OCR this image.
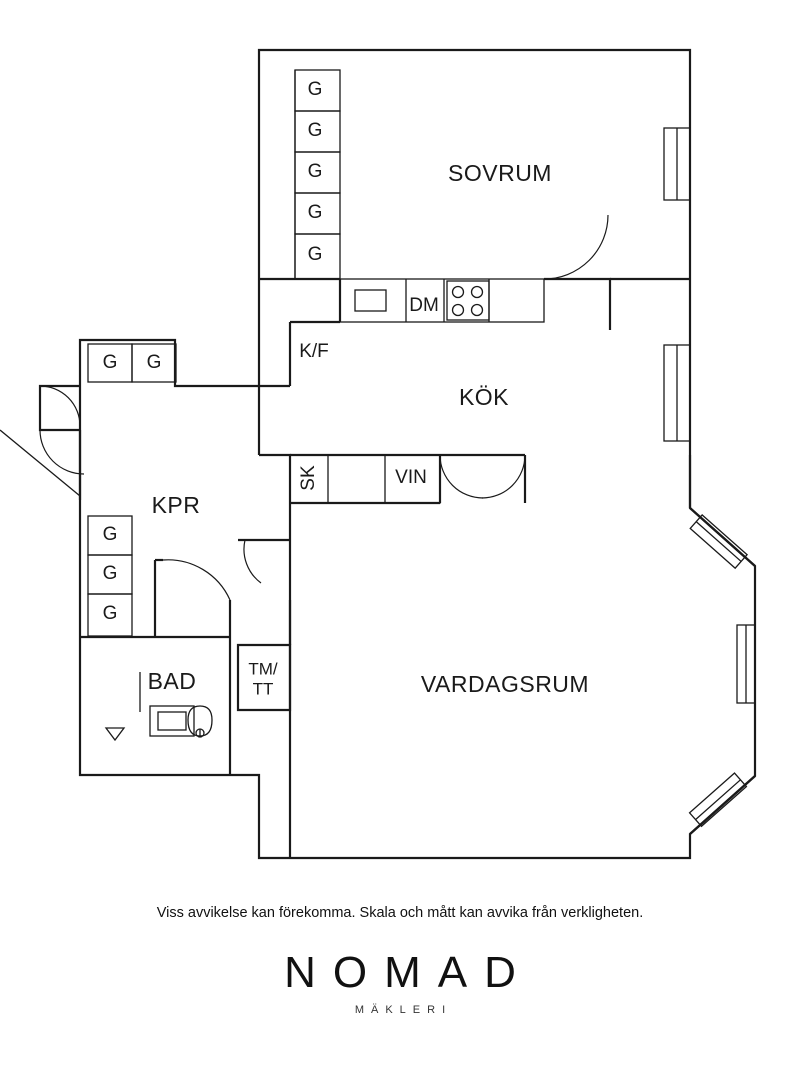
SOVRUM
KÖK
KPR
BAD	VARDAGSRUM
K/F
DM
SK	VIN
TM/
TT
G
G
G
G
G
G G
G
G
G
Viss avvikelse kan förekomma. Skala och mått kan avvika från verkligheten.
NOMAD
MÄKLERI
